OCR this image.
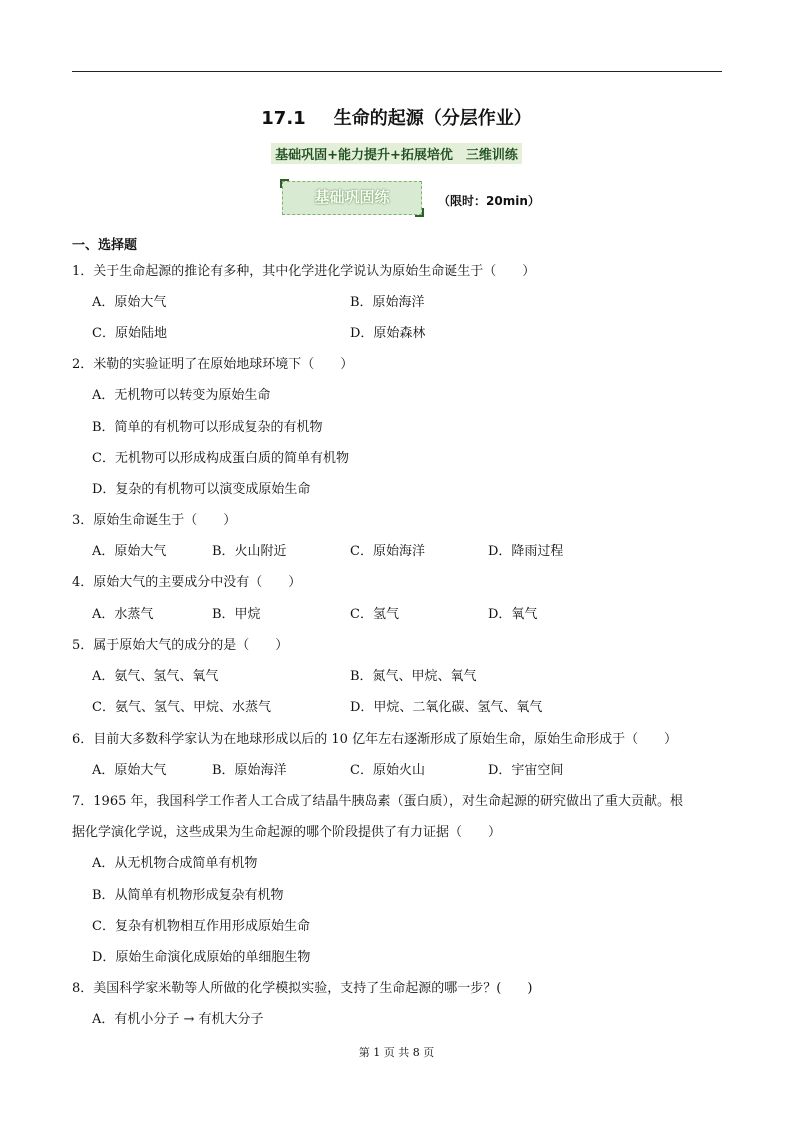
17.1 生命的起源（分层作业）
基础巩固+能力提升+拓展培优　三维训练
基础巩固练	（限时：20min）
一、选择题
1．关于生命起源的推论有多种，其中化学进化学说认为原始生命诞生于（　　）
A．原始大气	B．原始海洋
C．原始陆地	D．原始森林
2．米勒的实验证明了在原始地球环境下（　　）
A．无机物可以转变为原始生命
B．简单的有机物可以形成复杂的有机物
C．无机物可以形成构成蛋白质的简单有机物
D．复杂的有机物可以演变成原始生命
3．原始生命诞生于（　　）
A．原始大气	B．火山附近	C．原始海洋	D．降雨过程
4．原始大气的主要成分中没有（　　）
A．水蒸气	B．甲烷	C．氢气	D．氧气
5．属于原始大气的成分的是（　　）
A．氨气、氢气、氧气	B．氮气、甲烷、氧气
C．氨气、氢气、甲烷、水蒸气	D．甲烷、二氧化碳、氢气、氧气
6．目前大多数科学家认为在地球形成以后的 10 亿年左右逐渐形成了原始生命，原始生命形成于（　　）
A．原始大气	B．原始海洋	C．原始火山	D．宇宙空间
7．1965 年，我国科学工作者人工合成了结晶牛胰岛素（蛋白质），对生命起源的研究做出了重大贡献。根
据化学演化学说，这些成果为生命起源的哪个阶段提供了有力证据（　　）
A．从无机物合成简单有机物
B．从简单有机物形成复杂有机物
C．复杂有机物相互作用形成原始生命
D．原始生命演化成原始的单细胞生物
8．美国科学家米勒等人所做的化学模拟实验，支持了生命起源的哪一步？(　　)
A．有机小分子 → 有机大分子
第 1 页 共 8 页
